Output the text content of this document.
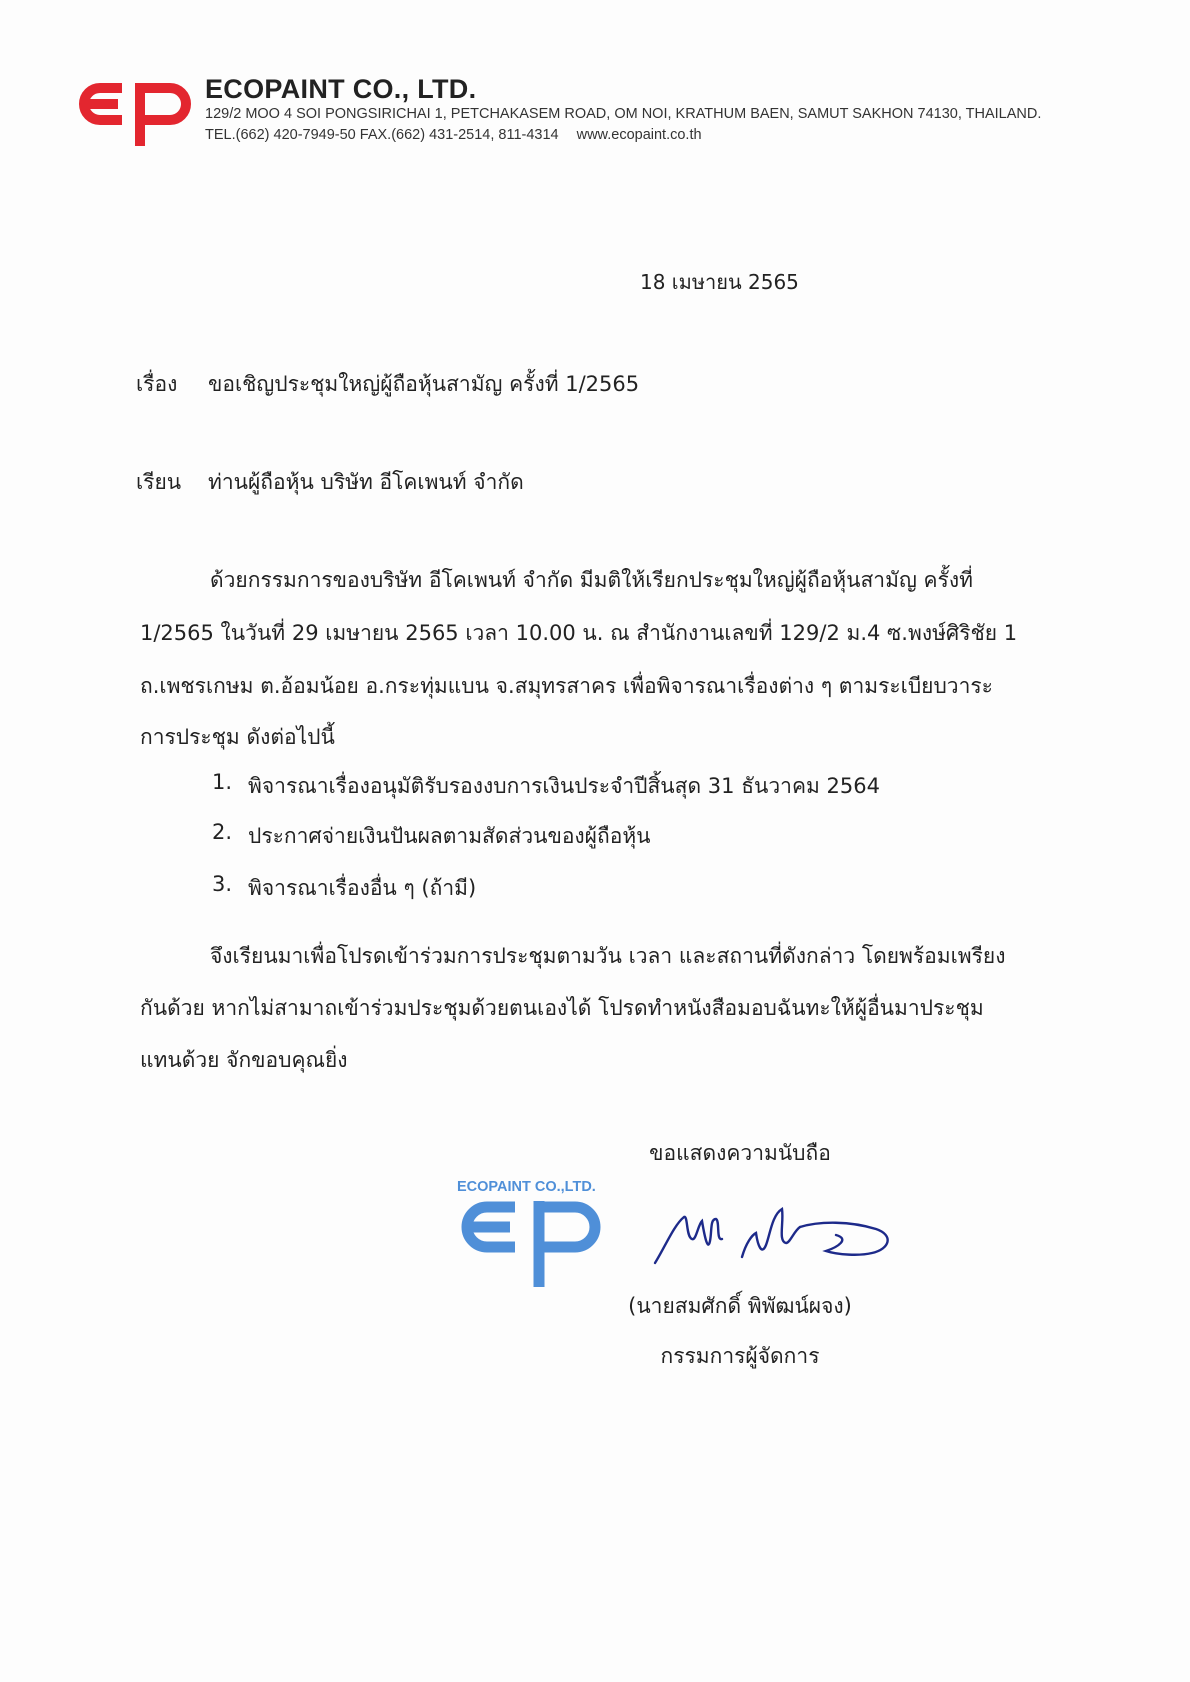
ECOPAINT CO., LTD.
129/2 MOO 4 SOI PONGSIRICHAI 1, PETCHAKASEM ROAD, OM NOI, KRATHUM BAEN, SAMUT SAKHON 74130, THAILAND.
TEL.(662) 420-7949-50 FAX.(662) 431-2514, 811-4314 www.ecopaint.co.th
18 เมษายน 2565
เรื่อง ขอเชิญประชุมใหญ่ผู้ถือหุ้นสามัญ ครั้งที่ 1/2565
เรียน ท่านผู้ถือหุ้น บริษัท อีโคเพนท์ จำกัด
ด้วยกรรมการของบริษัท อีโคเพนท์ จำกัด มีมติให้เรียกประชุมใหญ่ผู้ถือหุ้นสามัญ ครั้งที่
1/2565 ในวันที่ 29 เมษายน 2565 เวลา 10.00 น. ณ สำนักงานเลขที่ 129/2 ม.4 ซ.พงษ์ศิริชัย 1
ถ.เพชรเกษม ต.อ้อมน้อย อ.กระทุ่มแบน จ.สมุทรสาคร เพื่อพิจารณาเรื่องต่าง ๆ ตามระเบียบวาระ
การประชุม ดังต่อไปนี้
1. พิจารณาเรื่องอนุมัติรับรองงบการเงินประจำปีสิ้นสุด 31 ธันวาคม 2564
2. ประกาศจ่ายเงินปันผลตามสัดส่วนของผู้ถือหุ้น
3. พิจารณาเรื่องอื่น ๆ (ถ้ามี)
จึงเรียนมาเพื่อโปรดเข้าร่วมการประชุมตามวัน เวลา และสถานที่ดังกล่าว โดยพร้อมเพรียง
กันด้วย หากไม่สามาถเข้าร่วมประชุมด้วยตนเองได้ โปรดทำหนังสือมอบฉันทะให้ผู้อื่นมาประชุม
แทนด้วย จักขอบคุณยิ่ง
ขอแสดงความนับถือ
ECOPAINT CO.,LTD.
(นายสมศักดิ์ พิพัฒน์ผจง)
กรรมการผู้จัดการ
